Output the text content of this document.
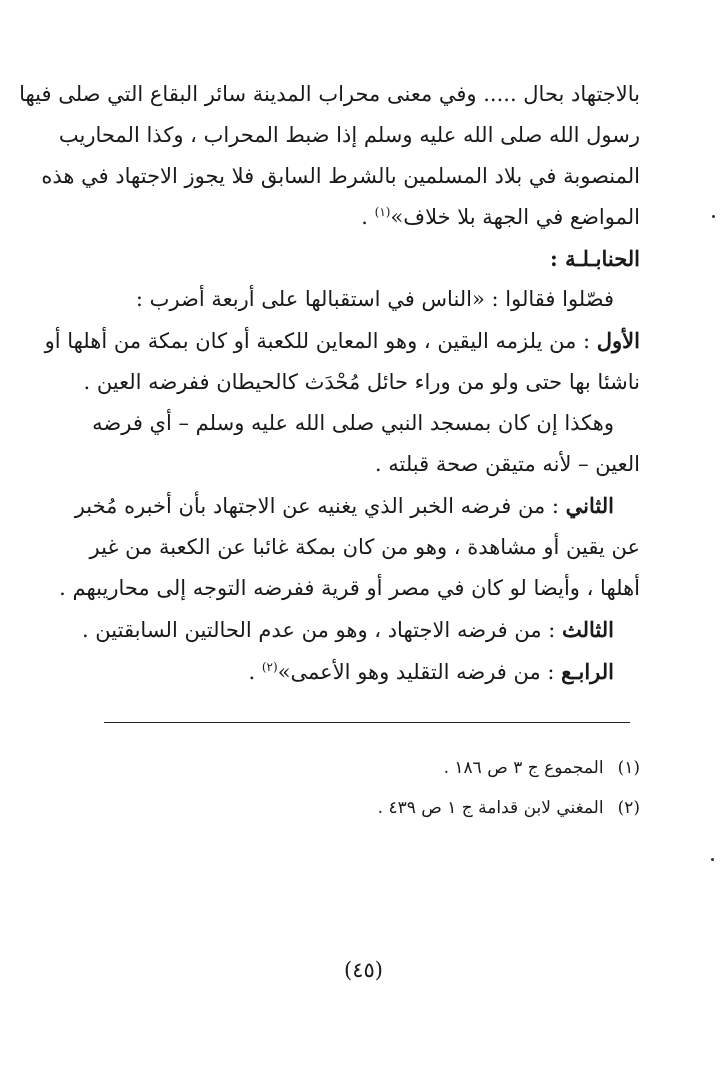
بالاجتهاد بحال ..... وفي معنى محراب المدينة سائر البقاع التي صلى فيها
رسول الله صلى الله عليه وسلم إذا ضبط المحراب ، وكذا المحاريب
المنصوبة في بلاد المسلمين بالشرط السابق فلا يجوز الاجتهاد في هذه
المواضع في الجهة بلا خلاف»$^{(١)}$ .
الحنابـلـة :
فصّلوا فقالوا : «الناس في استقبالها على أربعة أضرب :
الأول : من يلزمه اليقين ، وهو المعاين للكعبة أو كان بمكة من أهلها أو
ناشئا بها حتى ولو من وراء حائل مُحْدَث كالحيطان ففرضه العين .
وهكذا إن كان بمسجد النبي صلى الله عليه وسلم – أي فرضه
العين – لأنه متيقن صحة قبلته .
الثاني : من فرضه الخبر الذي يغنيه عن الاجتهاد بأن أخبره مُخبر
عن يقين أو مشاهدة ، وهو من كان بمكة غائبا عن الكعبة من غير
أهلها ، وأيضا لو كان في مصر أو قرية ففرضه التوجه إلى محاريبهم .
الثالث : من فرضه الاجتهاد ، وهو من عدم الحالتين السابقتين .
الرابـع : من فرضه التقليد وهو الأعمى»$^{(٢)}$ .
(١)المجموع ج ٣ ص ١٨٦ .
(٢)المغني لابن قدامة ج ١ ص ٤٣٩ .
(٤٥)
